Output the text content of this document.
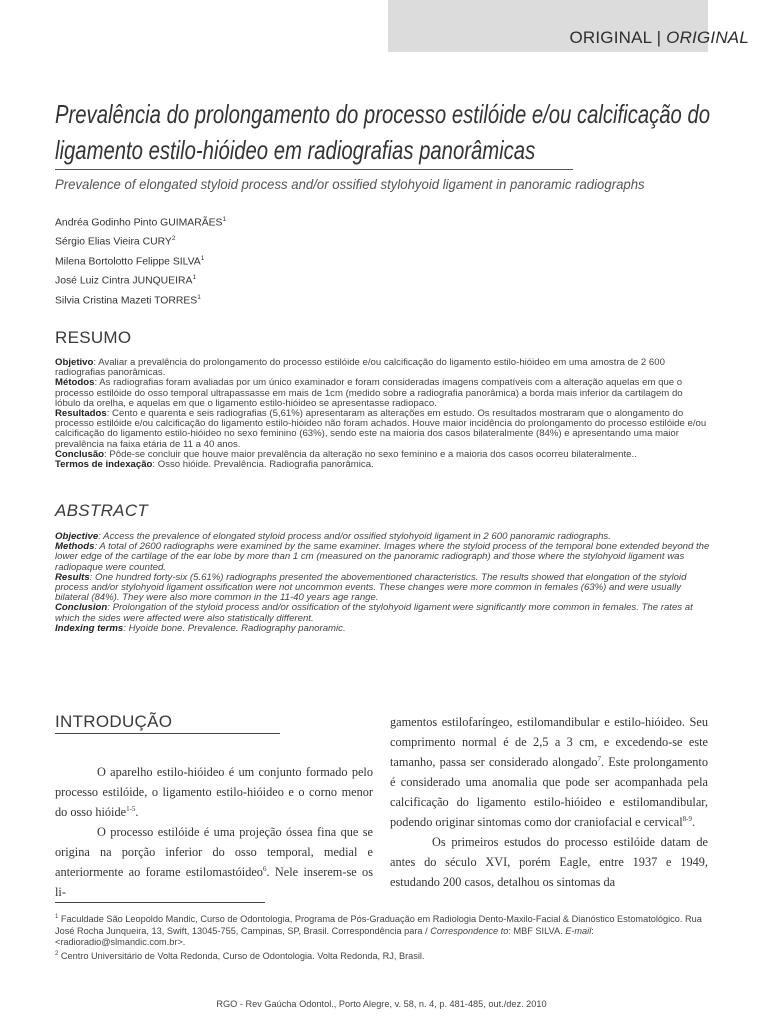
ORIGINAL | ORIGINAL
Prevalência do prolongamento do processo estilóide e/ou calcificação do
ligamento estilo-hióideo em radiografias panorâmicas
Prevalence of elongated styloid process and/or ossified stylohyoid ligament in panoramic radiographs
Andréa Godinho Pinto GUIMARÃES$^1$
Sérgio Elias Vieira CURY$^2$
Milena Bortolotto Felippe SILVA$^1$
José Luiz Cintra JUNQUEIRA$^1$
Silvia Cristina Mazeti TORRES$^1$
RESUMO

Objetivo: Avaliar a prevalência do prolongamento do processo estilóide e/ou calcificação do ligamento estilo-hióideo em uma amostra de 2 600 radiografias panorâmicas.

Métodos: As radiografias foram avaliadas por um único examinador e foram consideradas imagens compatíveis com a alteração aquelas em que o processo estilóide do osso temporal ultrapassasse em mais de 1cm (medido sobre a radiografia panorâmica) a borda mais inferior da cartilagem do lóbulo da orelha, e aquelas em que o ligamento estilo-hióideo se apresentasse radiopaco.

Resultados: Cento e quarenta e seis radiografias (5,61%) apresentaram as alterações em estudo. Os resultados mostraram que o alongamento do processo estilóide e/ou calcificação do ligamento estilo-hióideo não foram achados. Houve maior incidência do prolongamento do processo estilóide e/ou calcificação do ligamento estilo-hióideo no sexo feminino (63%), sendo este na maioria dos casos bilateralmente (84%) e apresentando uma maior prevalência na faixa etária de 11 a 40 anos.

Conclusão: Pôde-se concluir que houve maior prevalência da alteração no sexo feminino e a maioria dos casos ocorreu bilateralmente..

Termos de indexação: Osso hióide. Prevalência. Radiografia panorâmica.

ABSTRACT

Objective: Access the prevalence of elongated styloid process and/or ossified stylohyoid ligament in 2 600 panoramic radiographs.

Methods: A total of 2600 radiographs were examined by the same examiner. Images where the styloid process of the temporal bone extended beyond the lower edge of the cartilage of the ear lobe by more than 1 cm (measured on the panoramic radiograph) and those where the stylohyoid ligament was radiopaque were counted.

Results: One hundred forty-six (5.61%) radiographs presented the abovementioned characteristics. The results showed that elongation of the styloid process and/or stylohyoid ligament ossification were not uncommon events. These changes were more common in females (63%) and were usually bilateral (84%). They were also more common in the 11-40 years age range.

Conclusion: Prolongation of the styloid process and/or ossification of the stylohyoid ligament were significantly more common in females. The rates at which the sides were affected were also statistically different.

Indexing terms: Hyoide bone. Prevalence. Radiography panoramic.

INTRODUÇÃO

O aparelho estilo-hióideo é um conjunto formado pelo processo estilóide, o ligamento estilo-hióideo e o corno menor do osso hióide$^{1-5}$.

O processo estilóide é uma projeção óssea fina que se origina na porção inferior do osso temporal, medial e anteriormente ao forame estilomastóideo$^6$. Nele inserem-se os li-

gamentos estilofaríngeo, estilomandibular e estilo-hióideo. Seu comprimento normal é de 2,5 a 3 cm, e excedendo-se este tamanho, passa ser considerado alongado$^7$. Este prolongamento é considerado uma anomalia que pode ser acompanhada pela calcificação do ligamento estilo-hióideo e estilomandibular, podendo originar sintomas como dor craniofacial e cervical$^{8-9}$.

Os primeiros estudos do processo estilóide datam de antes do século XVI, porém Eagle, entre 1937 e 1949, estudando 200 casos, detalhou os sintomas da

$^1$ Faculdade São Leopoldo Mandic, Curso de Odontologia, Programa de Pós-Graduação em Radiologia Dento-Maxilo-Facial & Dianóstico Estomatológico. Rua José Rocha Junqueira, 13, Swift, 13045-755, Campinas, SP, Brasil. Correspondência para / Correspondence to: MBF SILVA. E-mail: <radioradio@slmandic.com.br>.

$^2$ Centro Universitário de Volta Redonda, Curso de Odontologia. Volta Redonda, RJ, Brasil.

RGO - Rev Gaúcha Odontol., Porto Alegre, v. 58, n. 4, p. 481-485, out./dez. 2010
